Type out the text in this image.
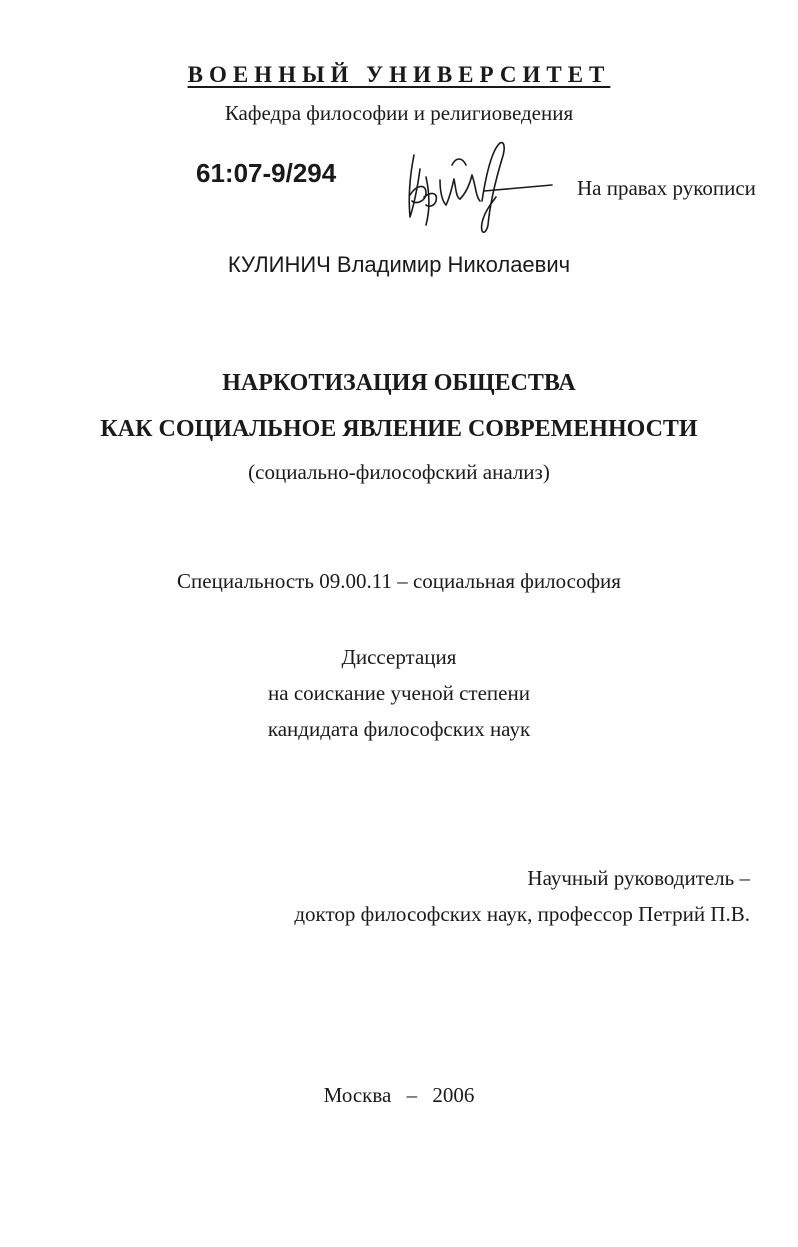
ВОЕННЫЙ УНИВЕРСИТЕТ
Кафедра философии и религиоведения
61:07-9/294	На правах рукописи
КУЛИНИЧ Владимир Николаевич
НАРКОТИЗАЦИЯ ОБЩЕСТВА
КАК СОЦИАЛЬНОЕ ЯВЛЕНИЕ СОВРЕМЕННОСТИ
(социально-философский анализ)
Специальность 09.00.11 – социальная философия
Диссертация
на соискание ученой степени
кандидата философских наук
Научный руководитель –
доктор философских наук, профессор Петрий П.В.
Москва – 2006
